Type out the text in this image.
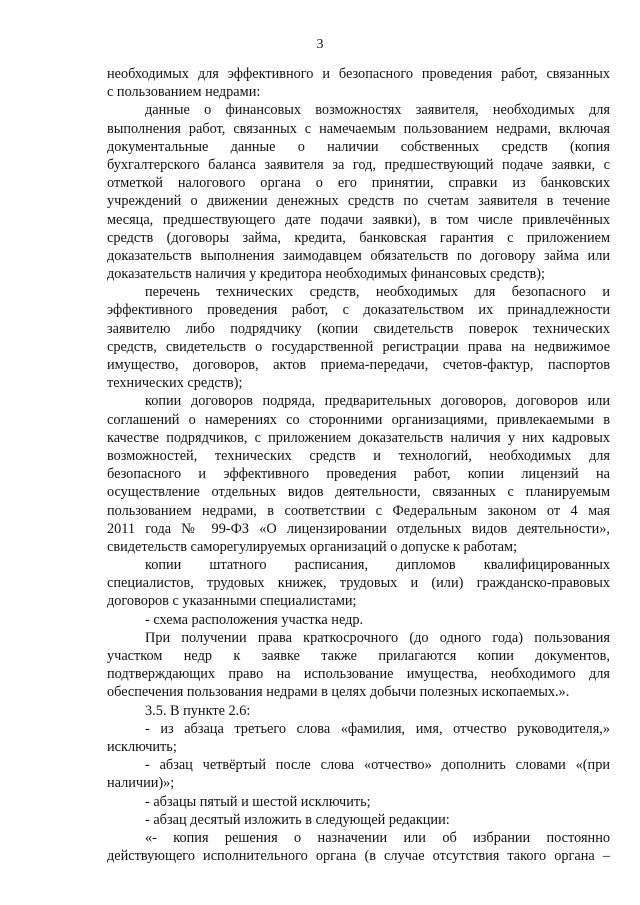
3
необходимых для эффективного и безопасного проведения работ, связанных
с пользованием недрами:
данные о финансовых возможностях заявителя, необходимых для
выполнения работ, связанных с намечаемым пользованием недрами, включая
документальные данные о наличии собственных средств (копия
бухгалтерского баланса заявителя за год, предшествующий подаче заявки, с
отметкой налогового органа о его принятии, справки из банковских
учреждений о движении денежных средств по счетам заявителя в течение
месяца, предшествующего дате подачи заявки), в том числе привлечённых
средств (договоры займа, кредита, банковская гарантия с приложением
доказательств выполнения заимодавцем обязательств по договору займа или
доказательств наличия у кредитора необходимых финансовых средств);
перечень технических средств, необходимых для безопасного и
эффективного проведения работ, с доказательством их принадлежности
заявителю либо подрядчику (копии свидетельств поверок технических
средств, свидетельств о государственной регистрации права на недвижимое
имущество, договоров, актов приема-передачи, счетов-фактур, паспортов
технических средств);
копии договоров подряда, предварительных договоров, договоров или
соглашений о намерениях со сторонними организациями, привлекаемыми в
качестве подрядчиков, с приложением доказательств наличия у них кадровых
возможностей, технических средств и технологий, необходимых для
безопасного и эффективного проведения работ, копии лицензий на
осуществление отдельных видов деятельности, связанных с планируемым
пользованием недрами, в соответствии с Федеральным законом от 4 мая
2011 года № 99-ФЗ «О лицензировании отдельных видов деятельности»,
свидетельств саморегулируемых организаций о допуске к работам;
копии штатного расписания, дипломов квалифицированных
специалистов, трудовых книжек, трудовых и (или) гражданско-правовых
договоров с указанными специалистами;
- схема расположения участка недр.
При получении права краткосрочного (до одного года) пользования
участком недр к заявке также прилагаются копии документов,
подтверждающих право на использование имущества, необходимого для
обеспечения пользования недрами в целях добычи полезных ископаемых.».
3.5. В пункте 2.6:
- из абзаца третьего слова «фамилия, имя, отчество руководителя,»
исключить;
- абзац четвёртый после слова «отчество» дополнить словами «(при
наличии)»;
- абзацы пятый и шестой исключить;
- абзац десятый изложить в следующей редакции:
«- копия решения о назначении или об избрании постоянно
действующего исполнительного органа (в случае отсутствия такого органа –
